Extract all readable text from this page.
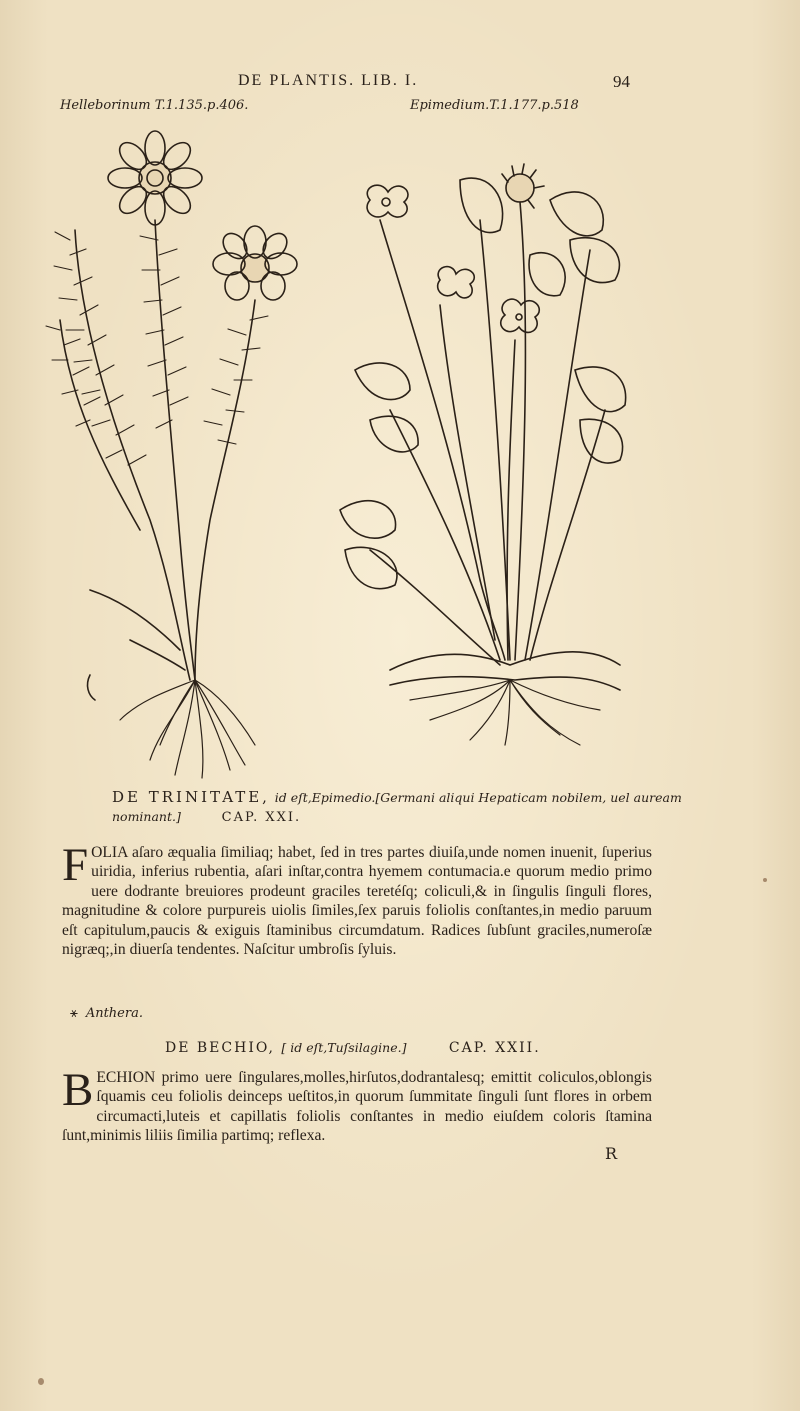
DE PLANTIS. LIB. I.	94
Helleborinum T.1.135.p.406.	Epimedium.T.1.177.p.518
DE TRINITATE, id eſt,Epimedio.[Germani aliqui Hepaticam nobilem, uel auream nominant.]	CAP. XXI.
FOLIA aſaro æqualia ſimiliaq; habet, ſed in tres partes diuiſa,unde nomen inuenit, ſuperius uiridia, inferius rubentia, aſari inſtar,contra hyemem contumacia.e quorum medio primo uere dodrante breuiores prodeunt graciles teretéſq; coliculi,& in ſingulis ſinguli flores, magnitudine & colore purpureis uiolis ſimiles,ſex paruis foliolis conſtantes,in medio paruum eſt capitulum,paucis & exiguis ſtaminibus circumdatum. Radices ſubſunt graciles,numeroſæ nigræq;,in diuerſa tendentes. Naſcitur umbroſis ſyluis.
⚹ Anthera.
DE BECHIO, [ id eſt,Tuſsilagine.]	CAP. XXII.
BECHION primo uere ſingulares,molles,hirſutos,dodrantalesq; emittit coliculos,oblongis ſquamis ceu foliolis deinceps ueſtitos,in quorum ſummitate ſinguli ſunt flores in orbem circumacti,luteis et capillatis foliolis conſtantes in medio eiuſdem coloris ſtamina ſunt,minimis liliis ſimilia partimq; reflexa.
R
